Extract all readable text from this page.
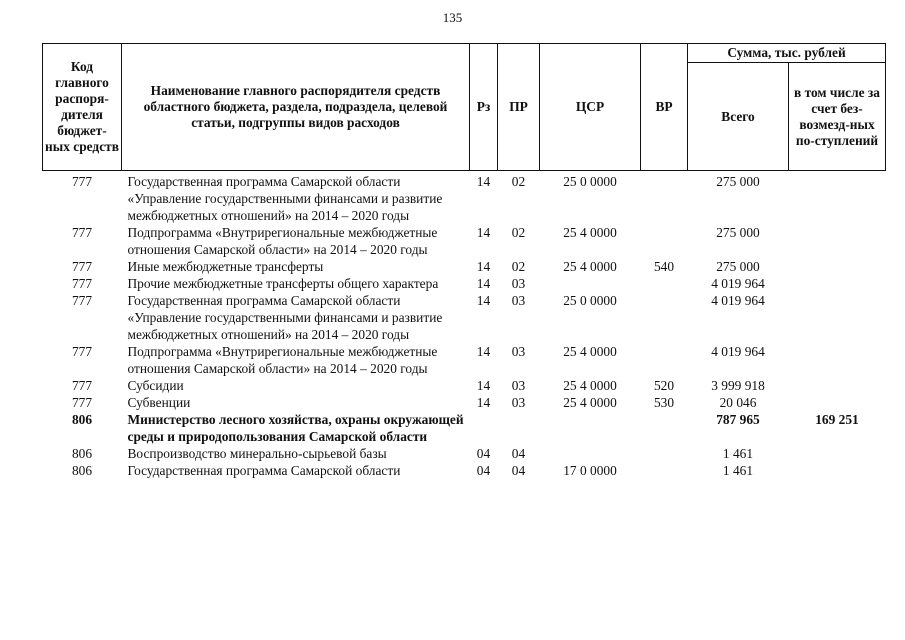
135
Код главного распоря-дителя бюджет-ных средств	Наименование главного распорядителя средств областного бюджета, раздела, подраздела, целевой статьи, подгруппы видов расходов	Рз	ПР	ЦСР	ВР	Сумма, тыс. рублей	
						Всего	в том числе за счет без-возмезд-ных по-ступлений
777	Государственная программа Самарской области «Управление государственными финансами и развитие межбюджетных отношений» на 2014 – 2020 годы	14	02	25 0 0000		275 000	
777	Подпрограмма «Внутрирегиональные межбюджетные отношения Самарской области» на 2014 – 2020 годы	14	02	25 4 0000		275 000	
777	Иные межбюджетные трансферты	14	02	25 4 0000	540	275 000	
777	Прочие межбюджетные трансферты общего характера	14	03			4 019 964	
777	Государственная программа Самарской области «Управление государственными финансами и развитие межбюджетных отношений» на 2014 – 2020 годы	14	03	25 0 0000		4 019 964	
777	Подпрограмма «Внутрирегиональные межбюджетные отношения Самарской области» на 2014 – 2020 годы	14	03	25 4 0000		4 019 964	
777	Субсидии	14	03	25 4 0000	520	3 999 918	
777	Субвенции	14	03	25 4 0000	530	20 046	
806	Министерство лесного хозяйства, охраны окружающей среды и природопользования Самарской области					787 965	169 251
806	Воспроизводство минерально-сырьевой базы	04	04			1 461	
806	Государственная программа Самарской области	04	04	17 0 0000		1 461	
